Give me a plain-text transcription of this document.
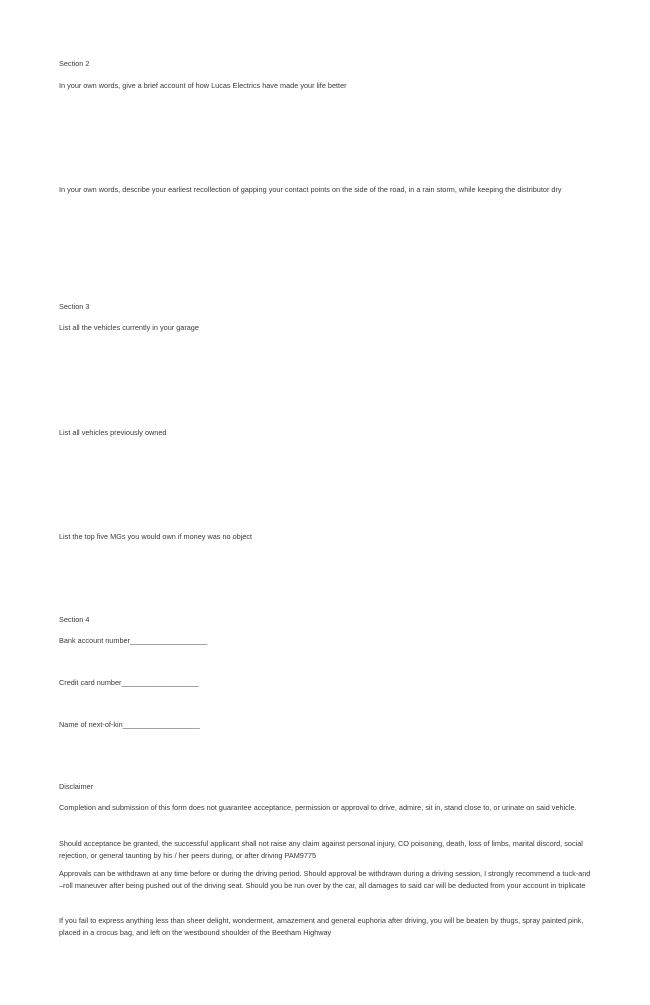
Section 2
In your own words, give a brief account of how Lucas Electrics have made your life better
In your own words, describe your earliest recollection of gapping your contact points on the side of the road, in a rain storm, while keeping the distributor dry
Section 3
List all the vehicles currently in your garage
List all vehicles previously owned
List the top five MGs you would own if money was no object
Section 4
Bank account number___________________
Credit card number___________________
Name of next-of-kin___________________
Disclaimer
Completion and submission of this form does not guarantee acceptance, permission or approval to drive, admire, sit in, stand close to, or urinate on said vehicle.
Should acceptance be granted, the successful applicant shall not raise any claim against personal injury, CO poisoning, death, loss of limbs, marital discord, social rejection, or general taunting by his / her peers during, or after driving PAM9775
Approvals can be withdrawn at any time before or during the driving period. Should approval be withdrawn during a driving session, I strongly recommend a tuck-and –roll maneuver after being pushed out of the driving seat. Should you be run over by the car, all damages to said car will be deducted from your account in triplicate
If you fail to express anything less than sheer delight, wonderment, amazement and general euphoria after driving, you will be beaten by thugs, spray painted pink, placed in a crocus bag, and left on the westbound shoulder of the Beetham Highway
